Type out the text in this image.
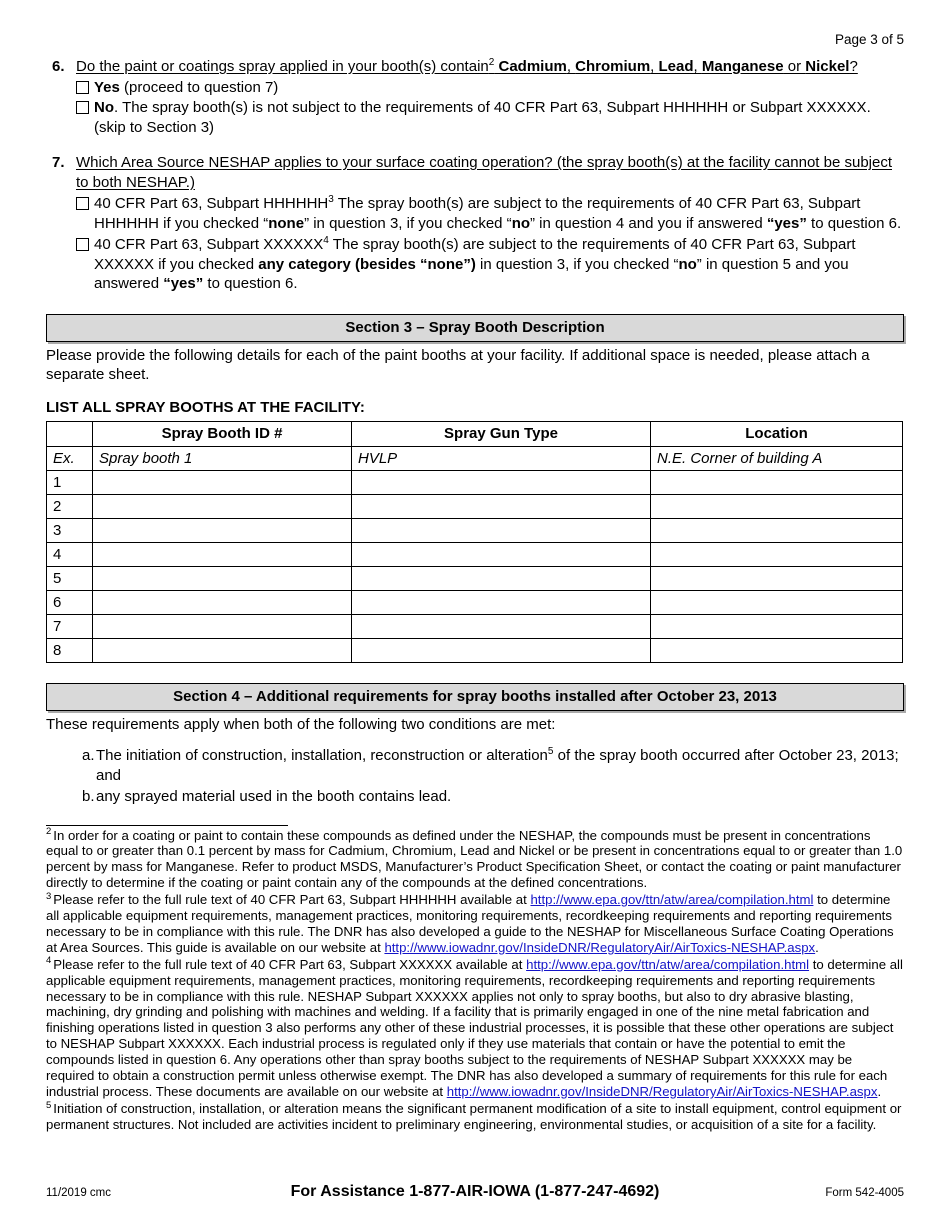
Page 3 of 5
6. Do the paint or coatings spray applied in your booth(s) contain$^2$ Cadmium, Chromium, Lead, Manganese or Nickel?
Yes (proceed to question 7)
No. The spray booth(s) is not subject to the requirements of 40 CFR Part 63, Subpart HHHHHH or Subpart XXXXXX. (skip to Section 3)
7. Which Area Source NESHAP applies to your surface coating operation? (the spray booth(s) at the facility cannot be subject to both NESHAP.)
40 CFR Part 63, Subpart HHHHHH$^3$ The spray booth(s) are subject to the requirements of 40 CFR Part 63, Subpart HHHHHH if you checked “none” in question 3, if you checked “no” in question 4 and you if answered “yes” to question 6.
40 CFR Part 63, Subpart XXXXXX$^4$ The spray booth(s) are subject to the requirements of 40 CFR Part 63, Subpart XXXXXX if you checked any category (besides “none”) in question 3, if you checked “no” in question 5 and you answered “yes” to question 6.
Section 3 – Spray Booth Description
Please provide the following details for each of the paint booths at your facility. If additional space is needed, please attach a separate sheet.
LIST ALL SPRAY BOOTHS AT THE FACILITY:
	Spray Booth ID #	Spray Gun Type	Location
Ex.	Spray booth 1	HVLP	N.E. Corner of building A
1			
2			
3			
4			
5			
6			
7			
8			
Section 4 – Additional requirements for spray booths installed after October 23, 2013
These requirements apply when both of the following two conditions are met:
a. The initiation of construction, installation, reconstruction or alteration$^5$ of the spray booth occurred after October 23, 2013; and
b. any sprayed material used in the booth contains lead.
$^2$ In order for a coating or paint to contain these compounds as defined under the NESHAP, the compounds must be present in concentrations equal to or greater than 0.1 percent by mass for Cadmium, Chromium, Lead and Nickel or be present in concentrations equal to or greater than 1.0 percent by mass for Manganese. Refer to product MSDS, Manufacturer’s Product Specification Sheet, or contact the coating or paint manufacturer directly to determine if the coating or paint contain any of the compounds at the defined concentrations.
$^3$ Please refer to the full rule text of 40 CFR Part 63, Subpart HHHHHH available at http://www.epa.gov/ttn/atw/area/compilation.html to determine all applicable equipment requirements, management practices, monitoring requirements, recordkeeping requirements and reporting requirements necessary to be in compliance with this rule. The DNR has also developed a guide to the NESHAP for Miscellaneous Surface Coating Operations at Area Sources. This guide is available on our website at http://www.iowadnr.gov/InsideDNR/RegulatoryAir/AirToxics-NESHAP.aspx.
$^4$ Please refer to the full rule text of 40 CFR Part 63, Subpart XXXXXX available at http://www.epa.gov/ttn/atw/area/compilation.html to determine all applicable equipment requirements, management practices, monitoring requirements, recordkeeping requirements and reporting requirements necessary to be in compliance with this rule. NESHAP Subpart XXXXXX applies not only to spray booths, but also to dry abrasive blasting, machining, dry grinding and polishing with machines and welding. If a facility that is primarily engaged in one of the nine metal fabrication and finishing operations listed in question 3 also performs any other of these industrial processes, it is possible that these other operations are subject to NESHAP Subpart XXXXXX. Each industrial process is regulated only if they use materials that contain or have the potential to emit the compounds listed in question 6. Any operations other than spray booths subject to the requirements of NESHAP Subpart XXXXXX may be required to obtain a construction permit unless otherwise exempt. The DNR has also developed a summary of requirements for this rule for each industrial process. These documents are available on our website at http://www.iowadnr.gov/InsideDNR/RegulatoryAir/AirToxics-NESHAP.aspx.
$^5$ Initiation of construction, installation, or alteration means the significant permanent modification of a site to install equipment, control equipment or permanent structures. Not included are activities incident to preliminary engineering, environmental studies, or acquisition of a site for a facility.
11/2019 cmc	For Assistance 1-877-AIR-IOWA (1-877-247-4692)	Form 542-4005
